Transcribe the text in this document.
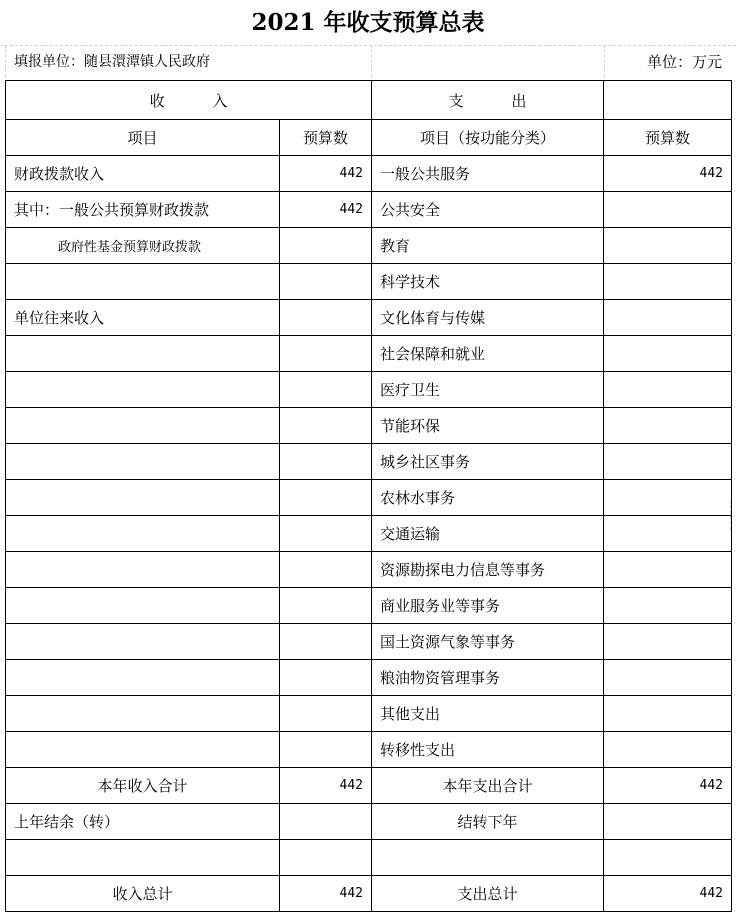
2021 年收支预算总表
填报单位：随县澴潭镇人民政府	单位：万元
收          入		支          出	
项目	预算数	项目（按功能分类）	预算数
财政拨款收入	442	一般公共服务	442
其中：一般公共预算财政拨款	442	公共安全	
政府性基金预算财政拨款		教育	
		科学技术	
单位往来收入		文化体育与传媒	
		社会保障和就业	
		医疗卫生	
		节能环保	
		城乡社区事务	
		农林水事务	
		交通运输	
		资源勘探电力信息等事务	
		商业服务业等事务	
		国土资源气象等事务	
		粮油物资管理事务	
		其他支出	
		转移性支出	
本年收入合计	442	本年支出合计	442
上年结余（转）		结转下年	

收入总计	442	支出总计	442
